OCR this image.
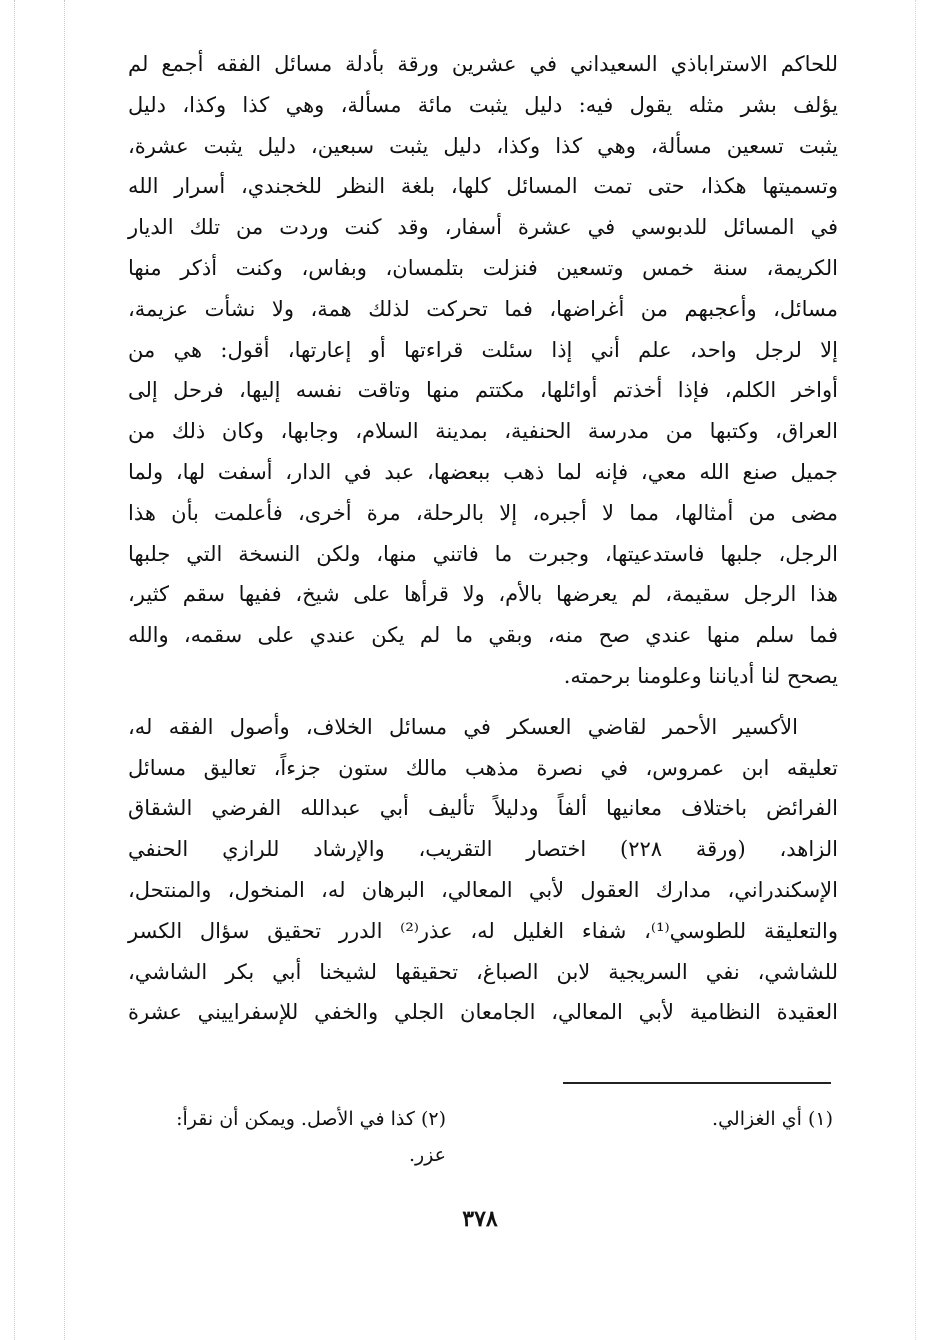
للحاكم الاستراباذي السعيداني في عشرين ورقة بأدلة مسائل الفقه أجمع لم
يؤلف بشر مثله يقول فيه: دليل يثبت مائة مسألة، وهي كذا وكذا، دليل
يثبت تسعين مسألة، وهي كذا وكذا، دليل يثبت سبعين، دليل يثبت عشرة،
وتسميتها هكذا، حتى تمت المسائل كلها، بلغة النظر للخجندي، أسرار الله
في المسائل للدبوسي في عشرة أسفار، وقد كنت وردت من تلك الديار
الكريمة، سنة خمس وتسعين فنزلت بتلمسان، وبفاس، وكنت أذكر منها
مسائل، وأعجبهم من أغراضها، فما تحركت لذلك همة، ولا نشأت عزيمة،
إلا لرجل واحد، علم أني إذا سئلت قراءتها أو إعارتها، أقول: هي من
أواخر الكلم، فإذا أخذتم أوائلها، مكتتم منها وتاقت نفسه إليها، فرحل إلى
العراق، وكتبها من مدرسة الحنفية، بمدينة السلام، وجابها، وكان ذلك من
جميل صنع الله معي، فإنه لما ذهب ببعضها، عبد في الدار، أسفت لها، ولما
مضى من أمثالها، مما لا أجبره، إلا بالرحلة، مرة أخرى، فأعلمت بأن هذا
الرجل، جلبها فاستدعيتها، وجبرت ما فاتني منها، ولكن النسخة التي جلبها
هذا الرجل سقيمة، لم يعرضها بالأم، ولا قرأها على شيخ، ففيها سقم كثير،
فما سلم منها عندي صح منه، وبقي ما لم يكن عندي على سقمه، والله
يصحح لنا أدياننا وعلومنا برحمته.

الأكسير الأحمر لقاضي العسكر في مسائل الخلاف، وأصول الفقه له،
تعليقه ابن عمروس، في نصرة مذهب مالك ستون جزءاً، تعاليق مسائل
الفرائض باختلاف معانيها ألفاً ودليلاً تأليف أبي عبدالله الفرضي الشقاق
الزاهد، (ورقة ٢٢٨) اختصار التقريب، والإرشاد للرازي الحنفي
الإسكندراني، مدارك العقول لأبي المعالي، البرهان له، المنخول، والمنتحل،
والتعليقة للطوسي⁽¹⁾، شفاء الغليل له، عذر⁽²⁾ الدرر تحقيق سؤال الكسر
للشاشي، نفي السريجية لابن الصباغ، تحقيقها لشيخنا أبي بكر الشاشي،
العقيدة النظامية لأبي المعالي، الجامعان الجلي والخفي للإسفراييني عشرة

(١) أي الغزالي.
(٢) كذا في الأصل. ويمكن أن نقرأ:
عزر.
٣٧٨
